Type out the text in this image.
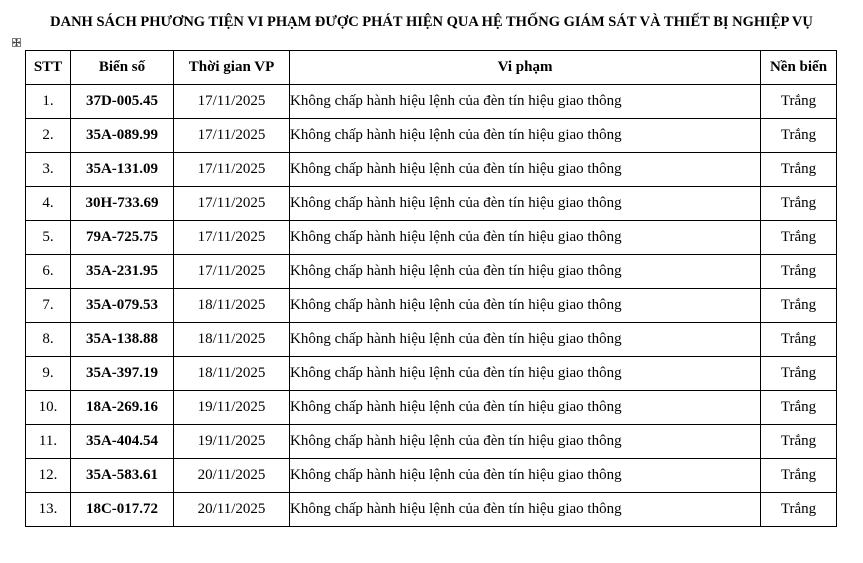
DANH SÁCH PHƯƠNG TIỆN VI PHẠM ĐƯỢC PHÁT HIỆN QUA HỆ THỐNG GIÁM SÁT VÀ THIẾT BỊ NGHIỆP VỤ
STT	Biển số	Thời gian VP	Vi phạm	Nền biển
1.	37D-005.45	17/11/2025	Không chấp hành hiệu lệnh của đèn tín hiệu giao thông	Trắng
2.	35A-089.99	17/11/2025	Không chấp hành hiệu lệnh của đèn tín hiệu giao thông	Trắng
3.	35A-131.09	17/11/2025	Không chấp hành hiệu lệnh của đèn tín hiệu giao thông	Trắng
4.	30H-733.69	17/11/2025	Không chấp hành hiệu lệnh của đèn tín hiệu giao thông	Trắng
5.	79A-725.75	17/11/2025	Không chấp hành hiệu lệnh của đèn tín hiệu giao thông	Trắng
6.	35A-231.95	17/11/2025	Không chấp hành hiệu lệnh của đèn tín hiệu giao thông	Trắng
7.	35A-079.53	18/11/2025	Không chấp hành hiệu lệnh của đèn tín hiệu giao thông	Trắng
8.	35A-138.88	18/11/2025	Không chấp hành hiệu lệnh của đèn tín hiệu giao thông	Trắng
9.	35A-397.19	18/11/2025	Không chấp hành hiệu lệnh của đèn tín hiệu giao thông	Trắng
10.	18A-269.16	19/11/2025	Không chấp hành hiệu lệnh của đèn tín hiệu giao thông	Trắng
11.	35A-404.54	19/11/2025	Không chấp hành hiệu lệnh của đèn tín hiệu giao thông	Trắng
12.	35A-583.61	20/11/2025	Không chấp hành hiệu lệnh của đèn tín hiệu giao thông	Trắng
13.	18C-017.72	20/11/2025	Không chấp hành hiệu lệnh của đèn tín hiệu giao thông	Trắng
